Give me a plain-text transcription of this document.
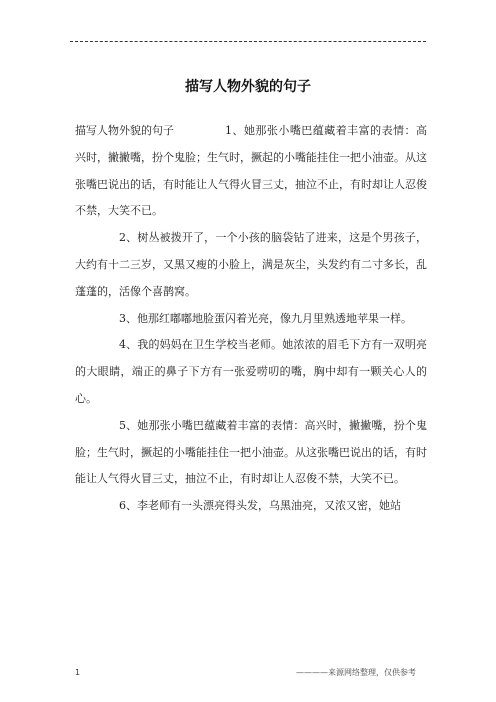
描写人物外貌的句子

描写人物外貌的句子	1、她那张小嘴巴蕴藏着丰富的表情：高兴时，撇撇嘴，扮个鬼脸；生气时，撅起的小嘴能挂住一把小油壶。从这张嘴巴说出的话，有时能让人气得火冒三丈，抽泣不止，有时却让人忍俊不禁，大笑不已。

2、树丛被拨开了，一个小孩的脑袋钻了进来，这是个男孩子，大约有十二三岁，又黑又瘦的小脸上，满是灰尘，头发约有二寸多长，乱蓬蓬的，活像个喜鹊窝。

3、他那红嘟嘟地脸蛋闪着光亮，像九月里熟透地苹果一样。

4、我的妈妈在卫生学校当老师。她浓浓的眉毛下方有一双明亮的大眼睛，端正的鼻子下方有一张爱唠叨的嘴，胸中却有一颗关心人的心。

5、她那张小嘴巴蕴藏着丰富的表情：高兴时，撇撇嘴，扮个鬼脸；生气时，撅起的小嘴能挂住一把小油壶。从这张嘴巴说出的话，有时能让人气得火冒三丈，抽泣不止，有时却让人忍俊不禁，大笑不已。

6、李老师有一头漂亮得头发，乌黑油亮，又浓又密，她站

1	————来源网络整理，仅供参考
